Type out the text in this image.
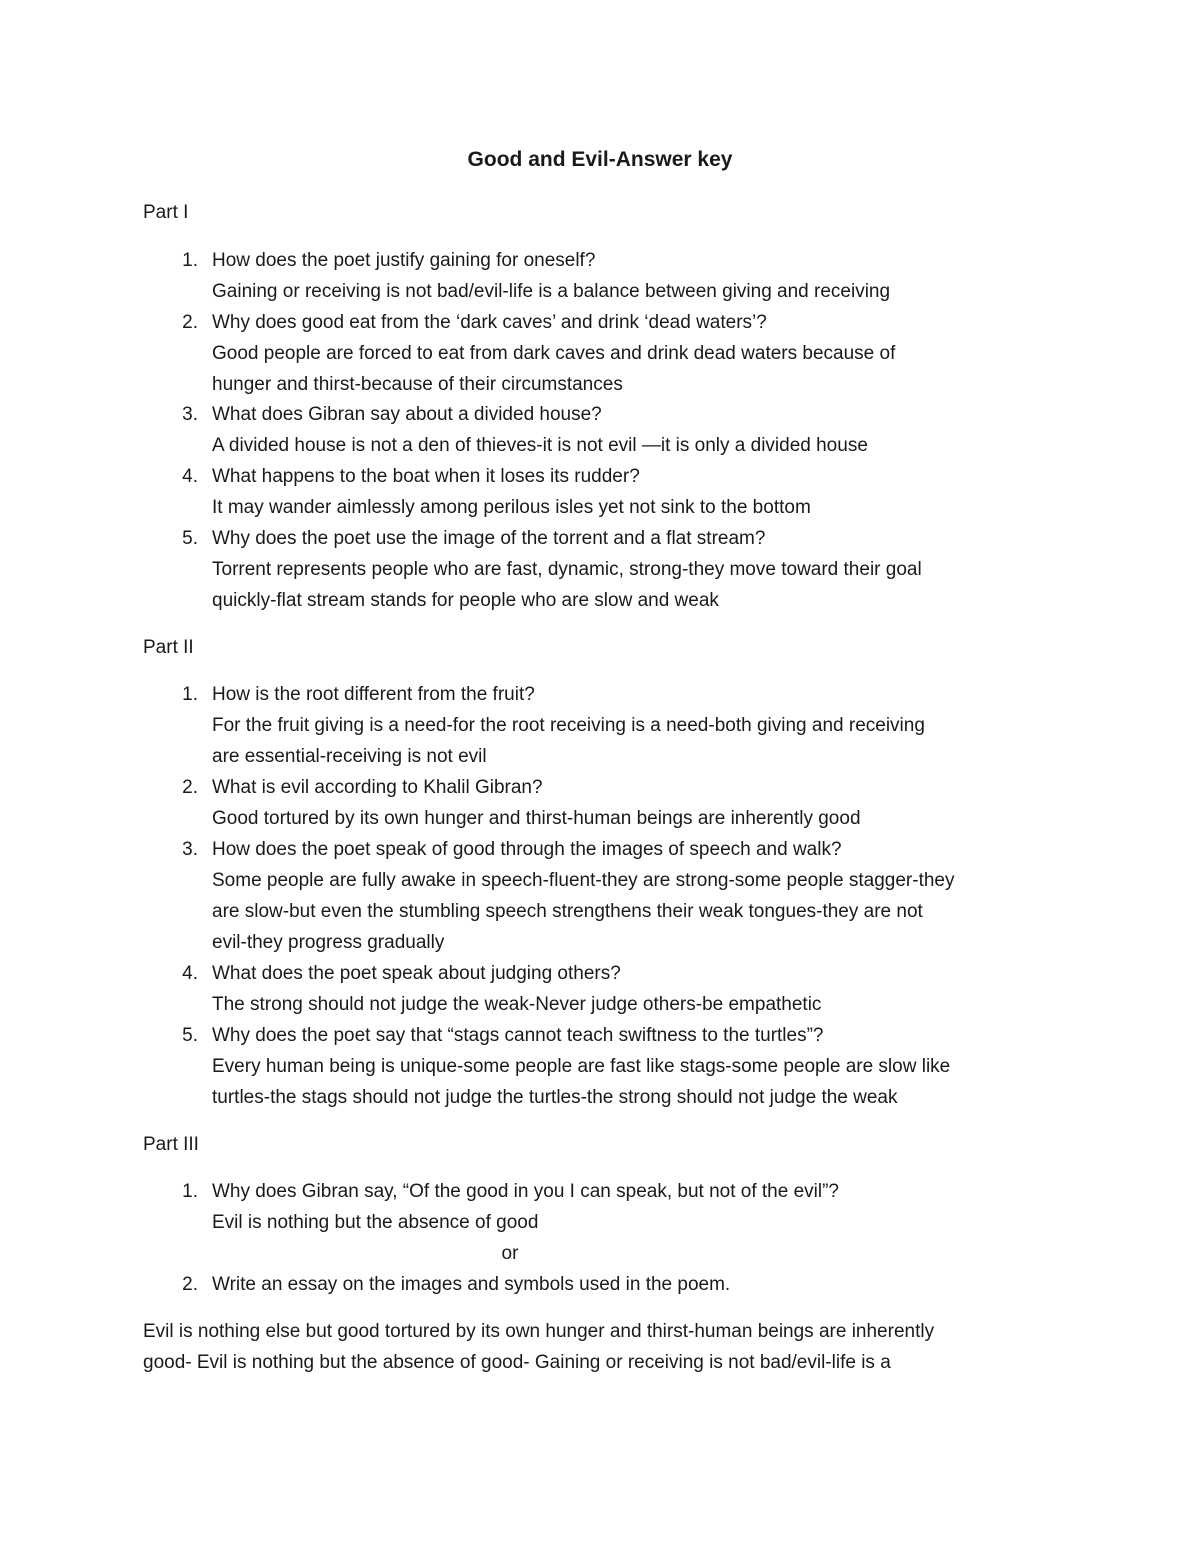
Good and Evil-Answer key
Part I
1. How does the poet justify gaining for oneself?
Gaining or receiving is not bad/evil-life is a balance between giving and receiving
2. Why does good eat from the ‘dark caves’ and drink ‘dead waters’?
Good people are forced to eat from dark caves and drink dead waters because of
hunger and thirst-because of their circumstances
3. What does Gibran say about a divided house?
A divided house is not a den of thieves-it is not evil —it is only a divided house
4. What happens to the boat when it loses its rudder?
It may wander aimlessly among perilous isles yet not sink to the bottom
5. Why does the poet use the image of the torrent and a flat stream?
Torrent represents people who are fast, dynamic, strong-they move toward their goal
quickly-flat stream stands for people who are slow and weak
Part II
1. How is the root different from the fruit?
For the fruit giving is a need-for the root receiving is a need-both giving and receiving
are essential-receiving is not evil
2. What is evil according to Khalil Gibran?
Good tortured by its own hunger and thirst-human beings are inherently good
3. How does the poet speak of good through the images of speech and walk?
Some people are fully awake in speech-fluent-they are strong-some people stagger-they
are slow-but even the stumbling speech strengthens their weak tongues-they are not
evil-they progress gradually
4. What does the poet speak about judging others?
The strong should not judge the weak-Never judge others-be empathetic
5. Why does the poet say that “stags cannot teach swiftness to the turtles”?
Every human being is unique-some people are fast like stags-some people are slow like
turtles-the stags should not judge the turtles-the strong should not judge the weak
Part III
1. Why does Gibran say, “Of the good in you I can speak, but not of the evil”?
Evil is nothing but the absence of good
or
2. Write an essay on the images and symbols used in the poem.
Evil is nothing else but good tortured by its own hunger and thirst-human beings are inherently
good- Evil is nothing but the absence of good- Gaining or receiving is not bad/evil-life is a
